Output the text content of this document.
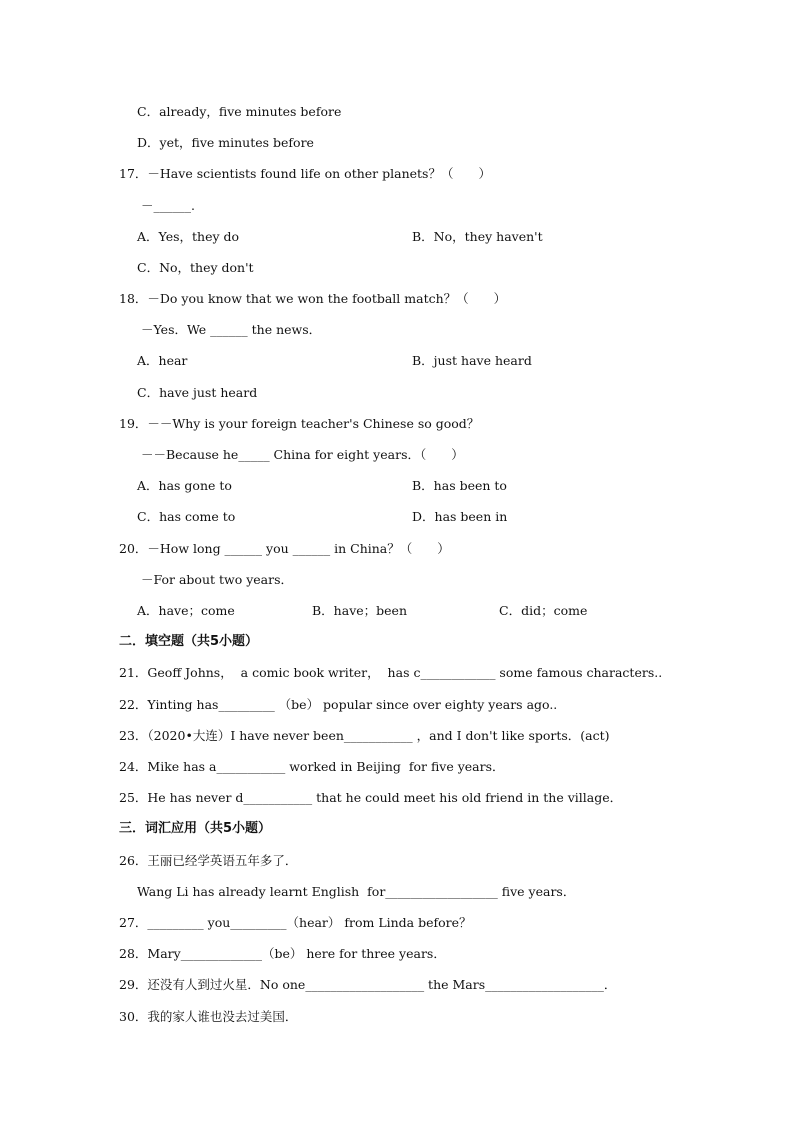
C．already，five minutes before
D．yet，five minutes before
17．－Have scientists found life on other planets？（　　）
－______.
A．Yes，they do	B．No，they haven't
C．No，they don't
18．－Do you know that we won the football match？（　　）
－Yes．We ______ the news．
A．hear	B．just have heard
C．have just heard
19．－－Why is your foreign teacher's Chinese so good？
－－Because he_____ China for eight years．（　　）
A．has gone to	B．has been to
C．has come to	D．has been in
20．－How long ______ you ______ in China？（　　）
－For about two years．
A．have；come	B．have；been	C．did；come
二．填空题（共5小题）
21．Geoff Johns，  a comic book writer，  has c____________ some famous characters..
22．Yinting has_________ （be） popular since over eighty years ago..
23．（2020•大连）I have never been___________ ，and I don't like sports．(act)
24．Mike has a___________ worked in Beijing  for five years．
25．He has never d___________ that he could meet his old friend in the village．
三．词汇应用（共5小题）
26．王丽已经学英语五年多了．
Wang Li has already learnt English  for__________________ five years．
27．_________ you_________（hear） from Linda before？
28．Mary_____________（be） here for three years．
29．还没有人到过火星．No one___________________ the Mars___________________．
30．我的家人谁也没去过美国．
